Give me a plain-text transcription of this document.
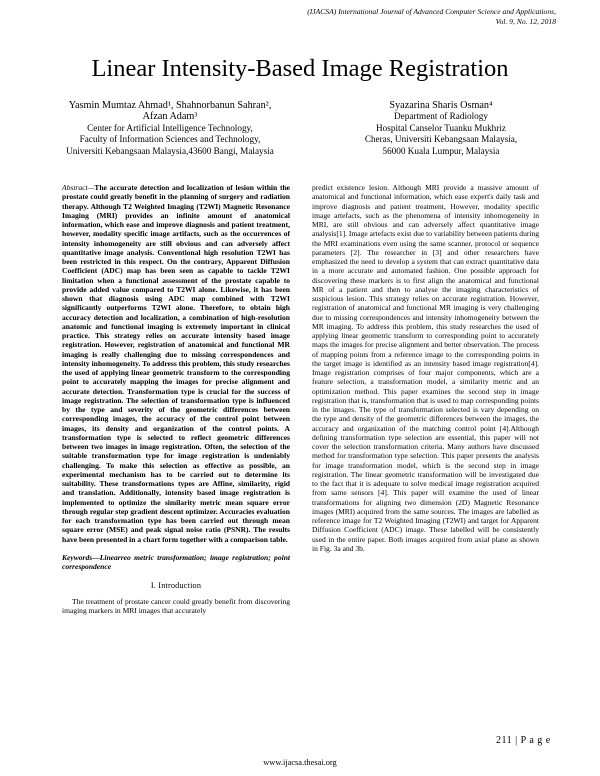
(IJACSA) International Journal of Advanced Computer Science and Applications,
Vol. 9, No. 12, 2018
Linear Intensity-Based Image Registration
Yasmin Mumtaz Ahmad¹, Shahnorbanun Sahran²,
Afzan Adam³
Center for Artificial Intelligence Technology,
Faculty of Information Sciences and Technology,
Universiti Kebangsaan Malaysia,43600 Bangi, Malaysia
Syazarina Sharis Osman⁴
Department of Radiology
Hospital Canselor Tuanku Mukhriz
Cheras, Universiti Kebangsaan Malaysia,
56000 Kuala Lumpur, Malaysia

Abstract—The accurate detection and localization of lesion within the prostate could greatly benefit in the planning of surgery and radiation therapy. Although T2 Weighted Imaging (T2WI) Magnetic Resonance Imaging (MRI) provides an infinite amount of anatomical information, which ease and improve diagnosis and patient treatment, however, modality specific image artifacts, such as the occurrences of intensity inhomogeneity are still obvious and can adversely affect quantitative image analysis. Conventional high resolution T2WI has been restricted in this respect. On the contrary, Apparent Diffusion Coefficient (ADC) map has been seen as capable to tackle T2WI limitation when a functional assessment of the prostate capable to provide added value compared to T2WI alone. Likewise, it has been shown that diagnosis using ADC map combined with T2WI significantly outperforms T2WI alone. Therefore, to obtain high accuracy detection and localization, a combination of high-resolution anatomic and functional imaging is extremely important in clinical practice. This strategy relies on accurate intensity based image registration. However, registration of anatomical and functional MR imaging is really challenging due to missing correspondences and intensity inhomogeneity. To address this problem, this study researches the used of applying linear geometric transform to the corresponding point to accurately mapping the images for precise alignment and accurate detection. Transformation type is crucial for the success of image registration. The selection of transformation type is influenced by the type and severity of the geometric differences between corresponding images, the accuracy of the control point between images, its density and organization of the control points. A transformation type is selected to reflect geometric differences between two images in image registration. Often, the selection of the suitable transformation type for image registration is undeniably challenging. To make this selection as effective as possible, an experimental mechanism has to be carried out to determine its suitability. These transformations types are Affine, similarity, rigid and translation. Additionally, intensity based image registration is implemented to optimize the similarity metric mean square error through regular step gradient descent optimizer. Accuracies evaluation for each transformation type has been carried out through mean square error (MSE) and peak signal noise ratio (PSNR). The results have been presented in a chart form together with a comparison table.

Keywords—Linearreo metric transformation; image registration; point correspondence

I. Introduction

The treatment of prostate cancer could greatly benefit from discovering imaging markers in MRI images that accurately

predict existence lesion. Although MRI provide a massive amount of anatomical and functional information, which ease expert's daily task and improve diagnosis and patient treatment, However, modality specific image artefacts, such as the phenomena of intensity inhomogeneity in MRI, are still obvious and can adversely affect quantitative image analysis[1]. Image artefacts exist due to variability between patients during the MRI examinations even using the same scanner, protocol or sequence parameters [2]. The researcher in [3] and other researchers have emphasized the need to develop a system that can extract quantitative data in a more accurate and automated fashion. One possible approach for discovering these markers is to first align the anatomical and functional MR of a patient and then to analyse the imaging characteristics of suspicious lesion. This strategy relies on accurate registration. However, registration of anatomical and functional MR imaging is very challenging due to missing correspondences and intensity inhomogeneity between the MR imaging. To address this problem, this study researches the used of applying linear geometric transform to corresponding point to accurately maps the images for precise alignment and better observation. The process of mapping points from a reference image to the corresponding points in the target image is identified as an intensity based image registration[4]. Image registration comprises of four major components, which are a feature selection, a transformation model, a similarity metric and an optimization method. This paper examines the second step in image registration that is, transformation that is used to map corresponding points in the images. The type of transformation selected is vary depending on the type and density of the geometric differences between the images, the accuracy and organization of the matching control point [4].Although defining transformation type selection are essential, this paper will not cover the selection transformation criteria. Many authors have discussed method for transformation type selection. This paper presents the analysis for image transformation model, which is the second step in image registration. The linear geometric transformation will be investigated due to the fact that it is adequate to solve medical image registration acquired from same sensors [4]. This paper will examine the used of linear transformations for aligning two dimension (2D) Magnetic Resonance images (MRI) acquired from the same sources. The images are labelled as reference image for T2 Weighted Imaging (T2WI) and target for Apparent Diffusion Coefficient (ADC) image. These labelled will be consistently used in the entire paper. Both images acquired from axial plane as shown in Fig. 3a and 3b.

211 | P a g e
www.ijacsa.thesai.org
